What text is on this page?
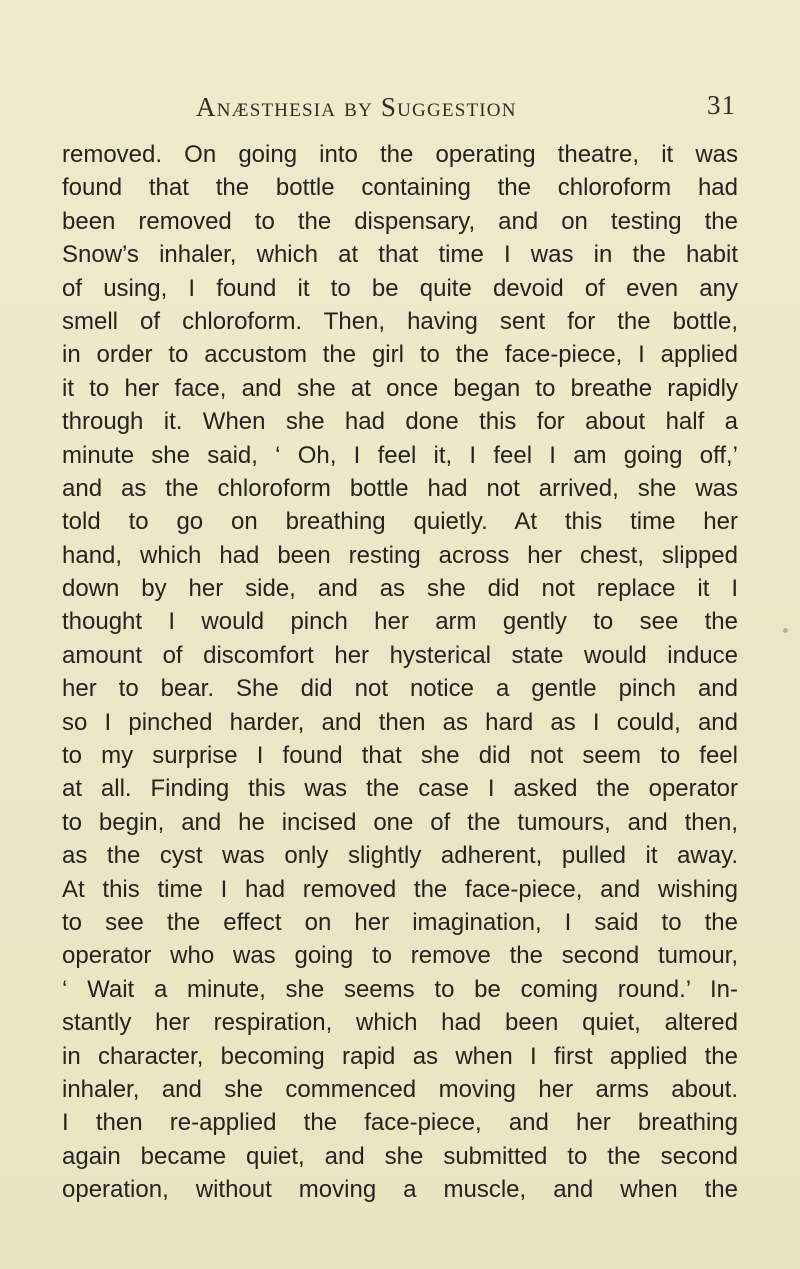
Anæsthesia by Suggestion	31
removed. On going into the operating theatre, it was
found that the bottle containing the chloroform had
been removed to the dispensary, and on testing the
Snow’s inhaler, which at that time I was in the habit
of using, I found it to be quite devoid of even any
smell of chloroform. Then, having sent for the bottle,
in order to accustom the girl to the face-piece, I applied
it to her face, and she at once began to breathe rapidly
through it. When she had done this for about half a
minute she said, ‘ Oh, I feel it, I feel I am going off,’
and as the chloroform bottle had not arrived, she was
told to go on breathing quietly. At this time her
hand, which had been resting across her chest, slipped
down by her side, and as she did not replace it I
thought I would pinch her arm gently to see the
amount of discomfort her hysterical state would induce
her to bear. She did not notice a gentle pinch and
so I pinched harder, and then as hard as I could, and
to my surprise I found that she did not seem to feel
at all. Finding this was the case I asked the operator
to begin, and he incised one of the tumours, and then,
as the cyst was only slightly adherent, pulled it away.
At this time I had removed the face-piece, and wishing
to see the effect on her imagination, I said to the
operator who was going to remove the second tumour,
‘ Wait a minute, she seems to be coming round.’ In-
stantly her respiration, which had been quiet, altered
in character, becoming rapid as when I first applied the
inhaler, and she commenced moving her arms about.
I then re-applied the face-piece, and her breathing
again became quiet, and she submitted to the second
operation, without moving a muscle, and when the
